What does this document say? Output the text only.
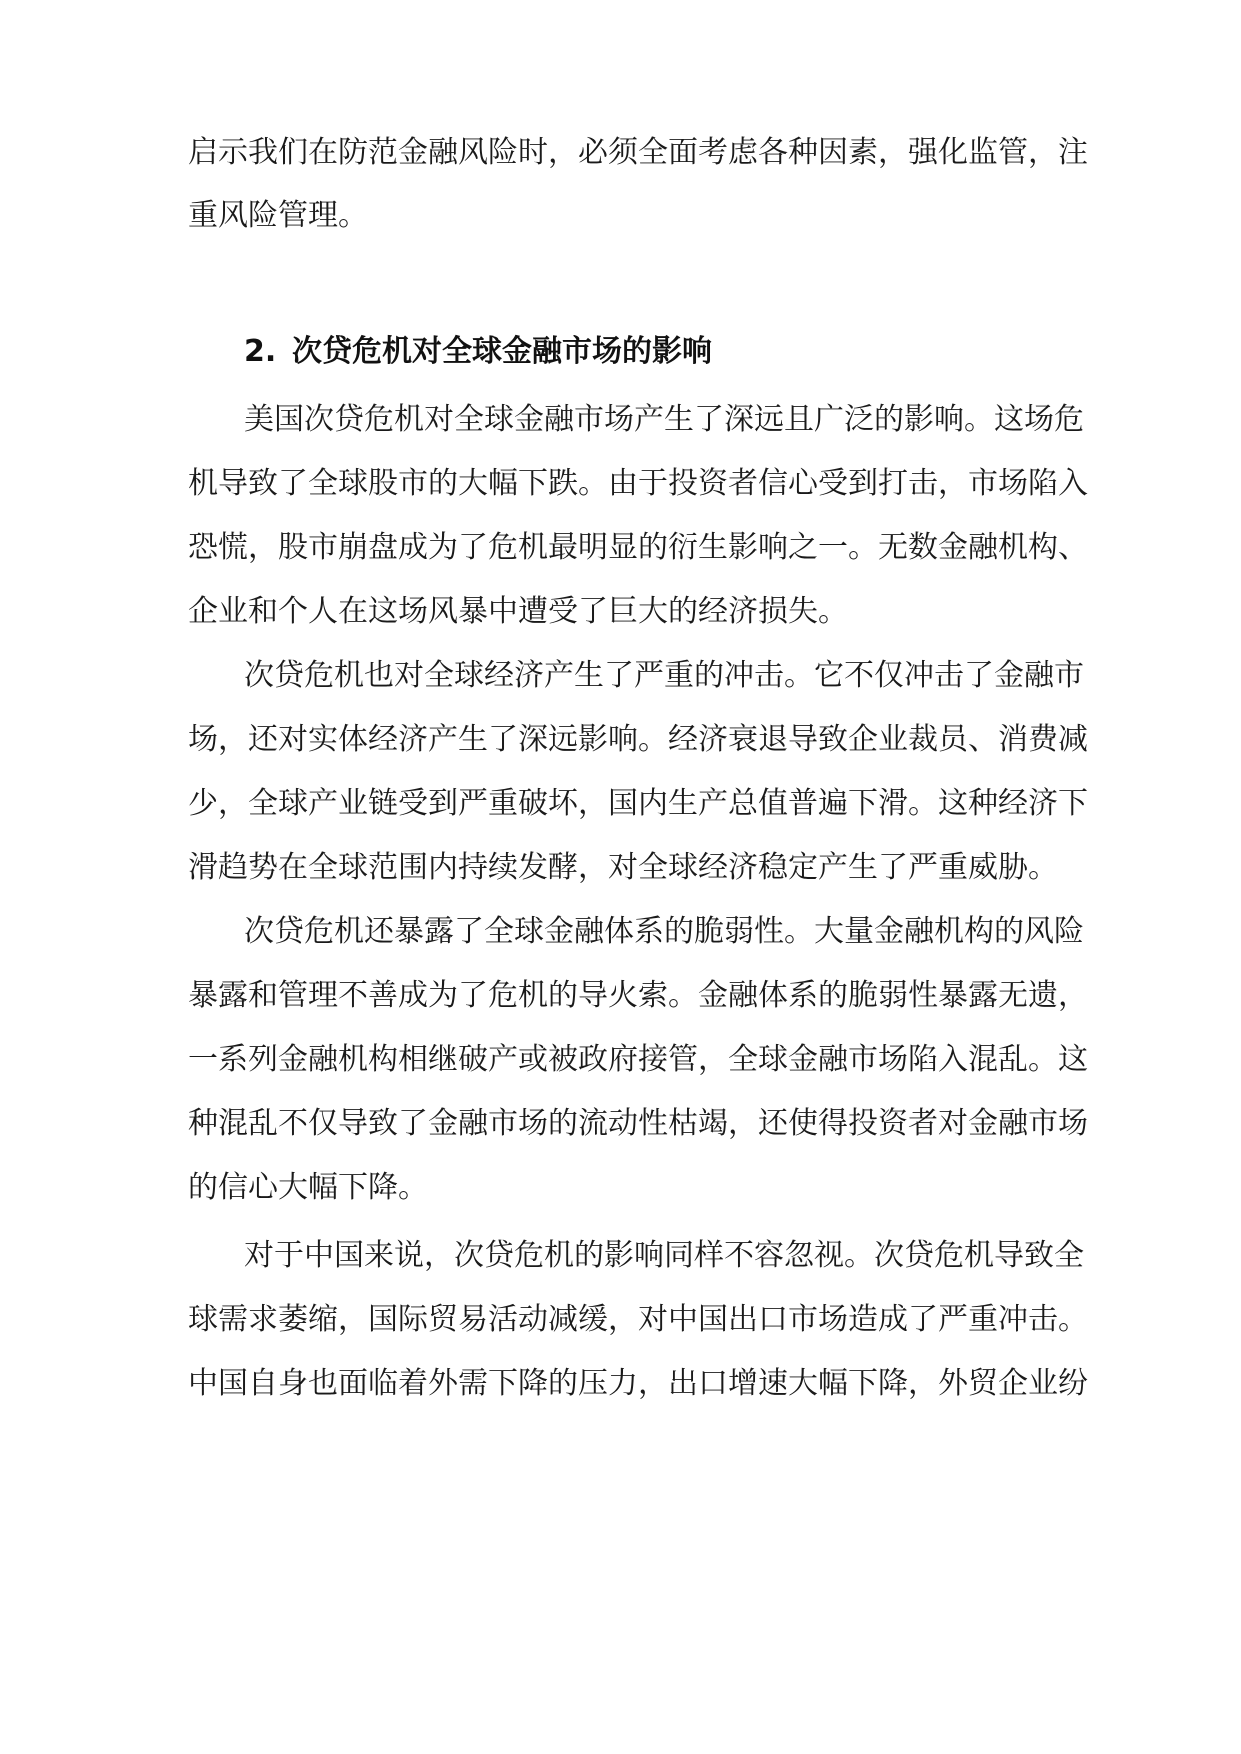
启示我们在防范金融风险时，必须全面考虑各种因素，强化监管，注
重风险管理。
2. 次贷危机对全球金融市场的影响
美国次贷危机对全球金融市场产生了深远且广泛的影响。这场危
机导致了全球股市的大幅下跌。由于投资者信心受到打击，市场陷入
恐慌，股市崩盘成为了危机最明显的衍生影响之一。无数金融机构、
企业和个人在这场风暴中遭受了巨大的经济损失。
次贷危机也对全球经济产生了严重的冲击。它不仅冲击了金融市
场，还对实体经济产生了深远影响。经济衰退导致企业裁员、消费减
少，全球产业链受到严重破坏，国内生产总值普遍下滑。这种经济下
滑趋势在全球范围内持续发酵，对全球经济稳定产生了严重威胁。
次贷危机还暴露了全球金融体系的脆弱性。大量金融机构的风险
暴露和管理不善成为了危机的导火索。金融体系的脆弱性暴露无遗，
一系列金融机构相继破产或被政府接管，全球金融市场陷入混乱。这
种混乱不仅导致了金融市场的流动性枯竭，还使得投资者对金融市场
的信心大幅下降。
对于中国来说，次贷危机的影响同样不容忽视。次贷危机导致全
球需求萎缩，国际贸易活动减缓，对中国出口市场造成了严重冲击。
中国自身也面临着外需下降的压力，出口增速大幅下降，外贸企业纷
